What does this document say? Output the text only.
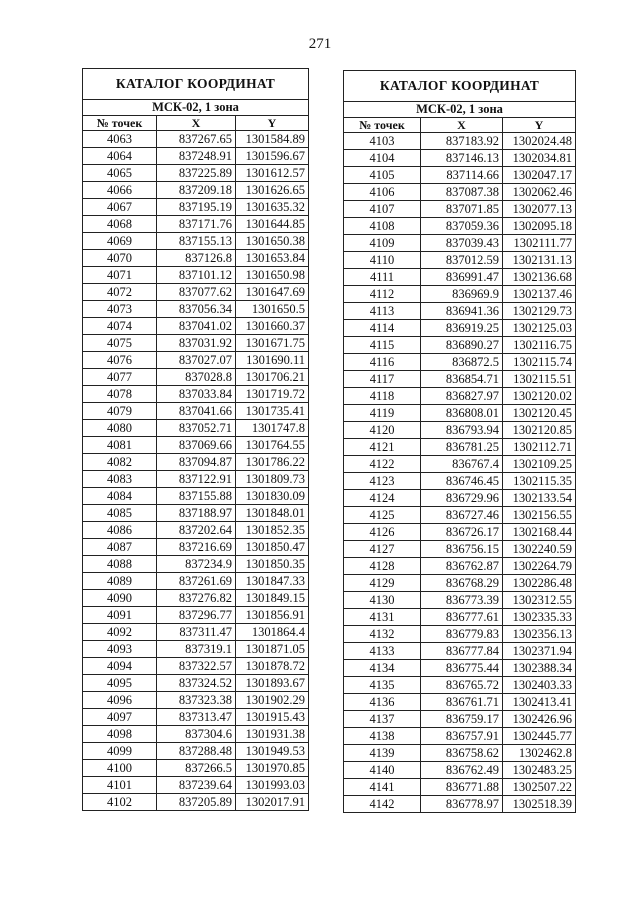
271
КАТАЛОГ КООРДИНАТ		
МСК-02, 1 зона		
№ точек	X	Y
4063	837267.65	1301584.89
4064	837248.91	1301596.67
4065	837225.89	1301612.57
4066	837209.18	1301626.65
4067	837195.19	1301635.32
4068	837171.76	1301644.85
4069	837155.13	1301650.38
4070	837126.8	1301653.84
4071	837101.12	1301650.98
4072	837077.62	1301647.69
4073	837056.34	1301650.5
4074	837041.02	1301660.37
4075	837031.92	1301671.75
4076	837027.07	1301690.11
4077	837028.8	1301706.21
4078	837033.84	1301719.72
4079	837041.66	1301735.41
4080	837052.71	1301747.8
4081	837069.66	1301764.55
4082	837094.87	1301786.22
4083	837122.91	1301809.73
4084	837155.88	1301830.09
4085	837188.97	1301848.01
4086	837202.64	1301852.35
4087	837216.69	1301850.47
4088	837234.9	1301850.35
4089	837261.69	1301847.33
4090	837276.82	1301849.15
4091	837296.77	1301856.91
4092	837311.47	1301864.4
4093	837319.1	1301871.05
4094	837322.57	1301878.72
4095	837324.52	1301893.67
4096	837323.38	1301902.29
4097	837313.47	1301915.43
4098	837304.6	1301931.38
4099	837288.48	1301949.53
4100	837266.5	1301970.85
4101	837239.64	1301993.03
4102	837205.89	1302017.91
КАТАЛОГ КООРДИНАТ		
МСК-02, 1 зона		
№ точек	X	Y
4103	837183.92	1302024.48
4104	837146.13	1302034.81
4105	837114.66	1302047.17
4106	837087.38	1302062.46
4107	837071.85	1302077.13
4108	837059.36	1302095.18
4109	837039.43	1302111.77
4110	837012.59	1302131.13
4111	836991.47	1302136.68
4112	836969.9	1302137.46
4113	836941.36	1302129.73
4114	836919.25	1302125.03
4115	836890.27	1302116.75
4116	836872.5	1302115.74
4117	836854.71	1302115.51
4118	836827.97	1302120.02
4119	836808.01	1302120.45
4120	836793.94	1302120.85
4121	836781.25	1302112.71
4122	836767.4	1302109.25
4123	836746.45	1302115.35
4124	836729.96	1302133.54
4125	836727.46	1302156.55
4126	836726.17	1302168.44
4127	836756.15	1302240.59
4128	836762.87	1302264.79
4129	836768.29	1302286.48
4130	836773.39	1302312.55
4131	836777.61	1302335.33
4132	836779.83	1302356.13
4133	836777.84	1302371.94
4134	836775.44	1302388.34
4135	836765.72	1302403.33
4136	836761.71	1302413.41
4137	836759.17	1302426.96
4138	836757.91	1302445.77
4139	836758.62	1302462.8
4140	836762.49	1302483.25
4141	836771.88	1302507.22
4142	836778.97	1302518.39
